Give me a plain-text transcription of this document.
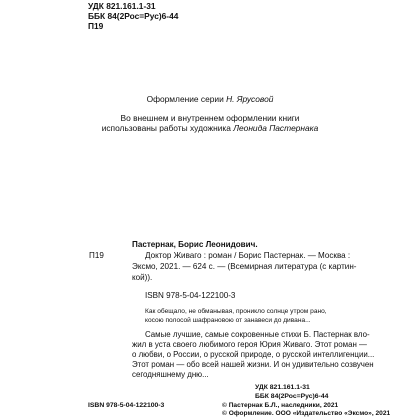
УДК 821.161.1-31
ББК 84(2Рос=Рус)6-44
П19
Оформление серии Н. Ярусовой
Во внешнем и внутреннем оформлении книги
использованы работы художника Леонида Пастернака
Пастернак, Борис Леонидович.
П19	Доктор Живаго : роман / Борис Пастернак. — Москва :
Эксмо, 2021. — 624 с. — (Всемирная литература (с картин-
кой)).
ISBN 978-5-04-122100-3
Как обещало, не обманывая, проникло солнце утром рано,
косою полосой шафрановою от занавеси до дивана...
Самые лучшие, самые сокровенные стихи Б. Пастернак вло-
жил в уста своего любимого героя Юрия Живаго. Этот роман —
о любви, о России, о русской природе, о русской интеллигенции...
Этот роман — обо всей нашей жизни. И он удивительно созвучен
сегодняшнему дню...
УДК 821.161.1-31
ББК 84(2Рос=Рус)6-44
ISBN 978-5-04-122100-3	© Пастернак Б.Л., наследники, 2021
© Оформление. ООО «Издательство «Эксмо», 2021
